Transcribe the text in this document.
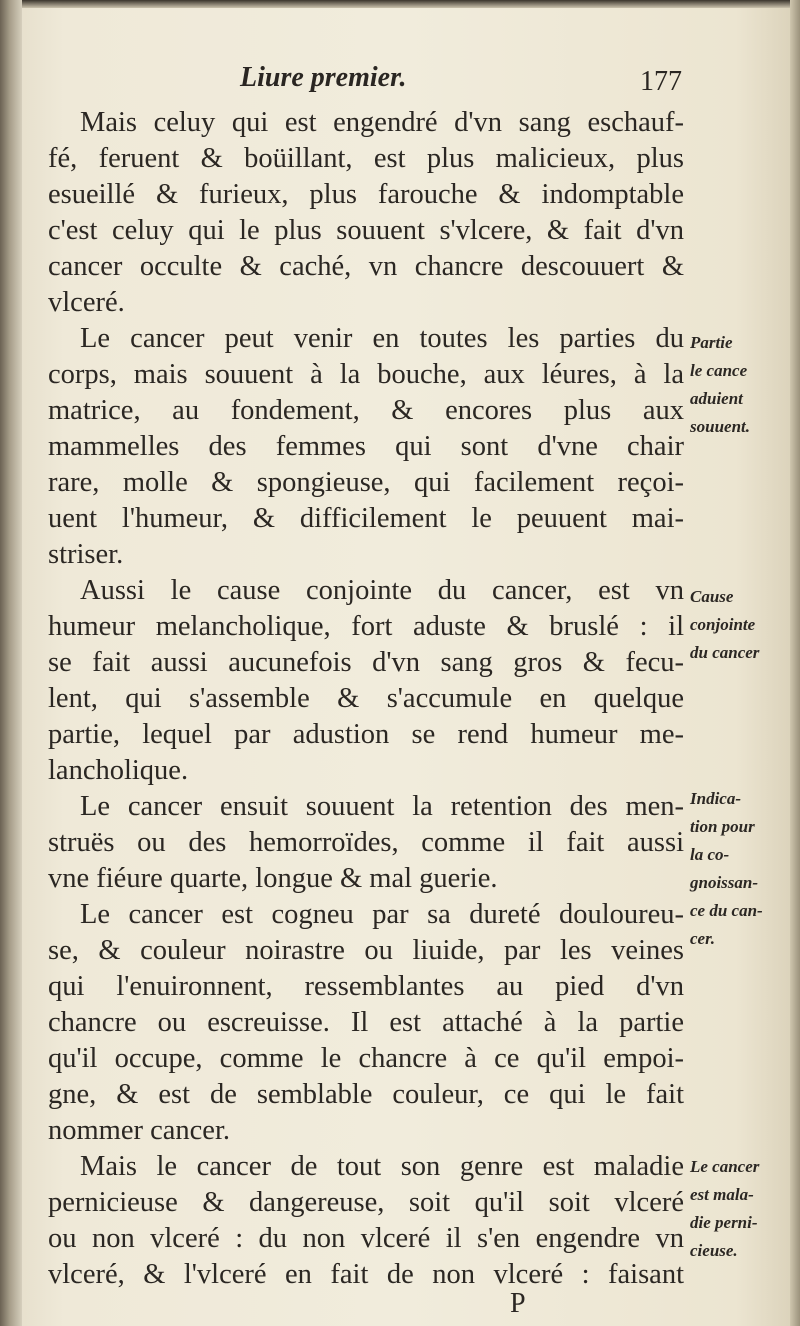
Liure premier.	177
Mais celuy qui est engendré d'vn sang eschauf-
fé, feruent & boüillant, est plus malicieux, plus
esueillé & furieux, plus farouche & indomptable
c'est celuy qui le plus souuent s'vlcere, & fait d'vn
cancer occulte & caché, vn chancre descouuert &
vlceré.
Le cancer peut venir en toutes les parties du
corps, mais souuent à la bouche, aux léures, à la
matrice, au fondement, & encores plus aux
mammelles des femmes qui sont d'vne chair
rare, molle & spongieuse, qui facilement reçoi-
uent l'humeur, & difficilement le peuuent mai-
striser.
Aussi le cause conjointe du cancer, est vn
humeur melancholique, fort aduste & bruslé : il
se fait aussi aucunefois d'vn sang gros & fecu-
lent, qui s'assemble & s'accumule en quelque
partie, lequel par adustion se rend humeur me-
lancholique.
Le cancer ensuit souuent la retention des men-
struës ou des hemorroïdes, comme il fait aussi
vne fiéure quarte, longue & mal guerie.
Le cancer est cogneu par sa dureté douloureu-
se, & couleur noirastre ou liuide, par les veines
qui l'enuironnent, ressemblantes au pied d'vn
chancre ou escreuisse. Il est attaché à la partie
qu'il occupe, comme le chancre à ce qu'il empoi-
gne, & est de semblable couleur, ce qui le fait
nommer cancer.
Mais le cancer de tout son genre est maladie
pernicieuse & dangereuse, soit qu'il soit vlceré
ou non vlceré : du non vlceré il s'en engendre vn
vlceré, & l'vlceré en fait de non vlceré : faisant
Partie
le cance
aduient
souuent.
Cause
conjointe
du cancer
Indica-
tion pour
la co-
gnoissan-
ce du can-
cer.
Le cancer
est mala-
die perni-
cieuse.
P
